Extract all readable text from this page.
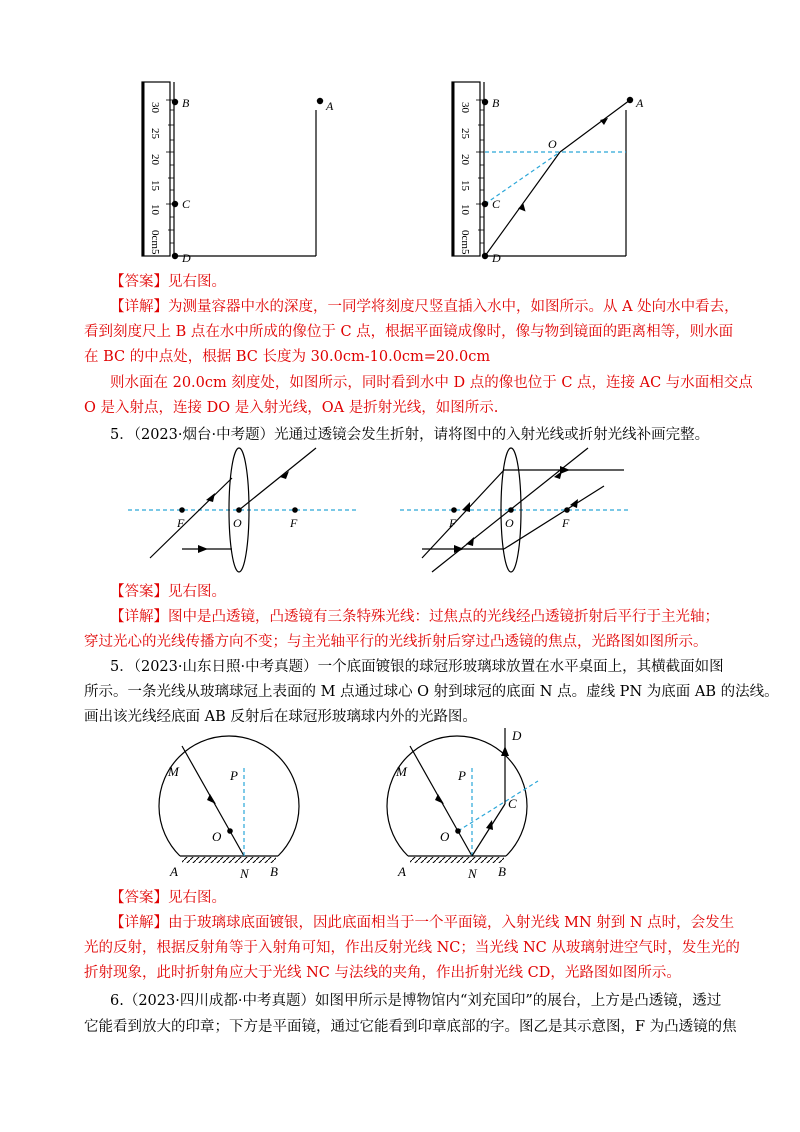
30
25
20
15
10
0cm5
B
C
D
A	30
25
20
15
10
0cm5
B
C
D
A
O
【答案】见右图。
【详解】为测量容器中水的深度，一同学将刻度尺竖直插入水中，如图所示。从 A 处向水中看去，
看到刻度尺上 B 点在水中所成的像位于 C 点，根据平面镜成像时，像与物到镜面的距离相等，则水面
在 BC 的中点处，根据 BC 长度为 30.0cm-10.0cm=20.0cm
则水面在 20.0cm 刻度处，如图所示，同时看到水中 D 点的像也位于 C 点，连接 AC 与水面相交点
O 是入射点，连接 DO 是入射光线，OA 是折射光线，如图所示.
5．（2023·烟台·中考题）光通过透镜会发生折射，请将图中的入射光线或折射光线补画完整。
F	O	F	F	O	F
【答案】见右图。
【详解】图中是凸透镜，凸透镜有三条特殊光线：过焦点的光线经凸透镜折射后平行于主光轴；
穿过光心的光线传播方向不变；与主光轴平行的光线折射后穿过凸透镜的焦点，光路图如图所示。
5．（2023·山东日照·中考真题）一个底面镀银的球冠形玻璃球放置在水平桌面上，其横截面如图
所示。一条光线从玻璃球冠上表面的 M 点通过球心 O 射到球冠的底面 N 点。虚线 PN 为底面 AB 的法线。
画出该光线经底面 AB 反射后在球冠形玻璃球内外的光路图。
M	P
O
A	N B
M	P
O
C
D
A	N B
【答案】见右图。
【详解】由于玻璃球底面镀银，因此底面相当于一个平面镜，入射光线 MN 射到 N 点时，会发生
光的反射，根据反射角等于入射角可知，作出反射光线 NC；当光线 NC 从玻璃射进空气时，发生光的
折射现象，此时折射角应大于光线 NC 与法线的夹角，作出折射光线 CD，光路图如图所示。
6.（2023·四川成都·中考真题）如图甲所示是博物馆内“刘充国印”的展台，上方是凸透镜，透过
它能看到放大的印章；下方是平面镜，通过它能看到印章底部的字。图乙是其示意图，F 为凸透镜的焦
